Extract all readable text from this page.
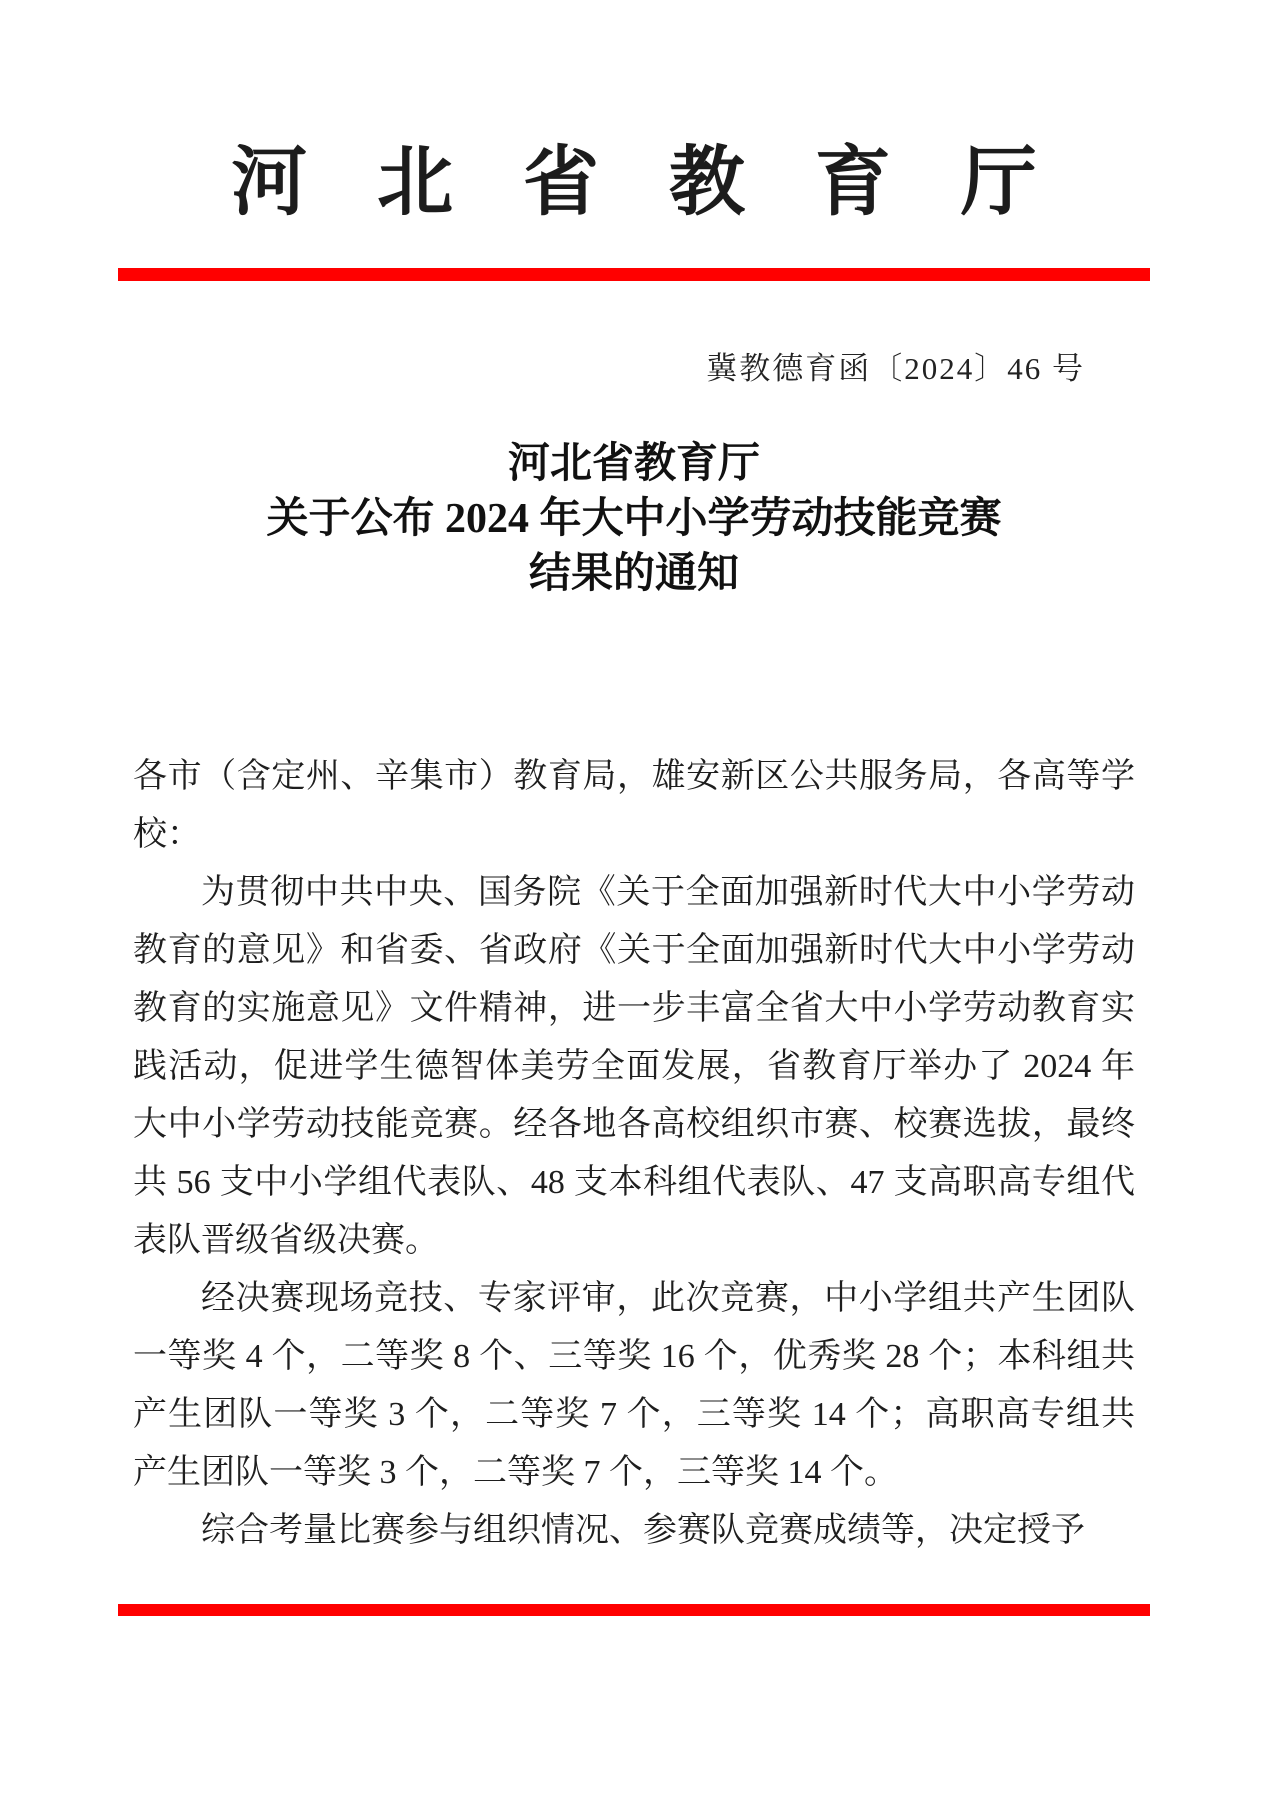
河北省教育厅
冀教德育函〔2024〕46 号
河北省教育厅
关于公布 2024 年大中小学劳动技能竞赛
结果的通知

各市（含定州、辛集市）教育局，雄安新区公共服务局，各高等学校：

为贯彻中共中央、国务院《关于全面加强新时代大中小学劳动教育的意见》和省委、省政府《关于全面加强新时代大中小学劳动教育的实施意见》文件精神，进一步丰富全省大中小学劳动教育实践活动，促进学生德智体美劳全面发展，省教育厅举办了 2024 年大中小学劳动技能竞赛。经各地各高校组织市赛、校赛选拔，最终共 56 支中小学组代表队、48 支本科组代表队、47 支高职高专组代表队晋级省级决赛。

经决赛现场竞技、专家评审，此次竞赛，中小学组共产生团队一等奖 4 个，二等奖 8 个、三等奖 16 个，优秀奖 28 个；本科组共产生团队一等奖 3 个，二等奖 7 个，三等奖 14 个；高职高专组共产生团队一等奖 3 个，二等奖 7 个，三等奖 14 个。

综合考量比赛参与组织情况、参赛队竞赛成绩等，决定授予
